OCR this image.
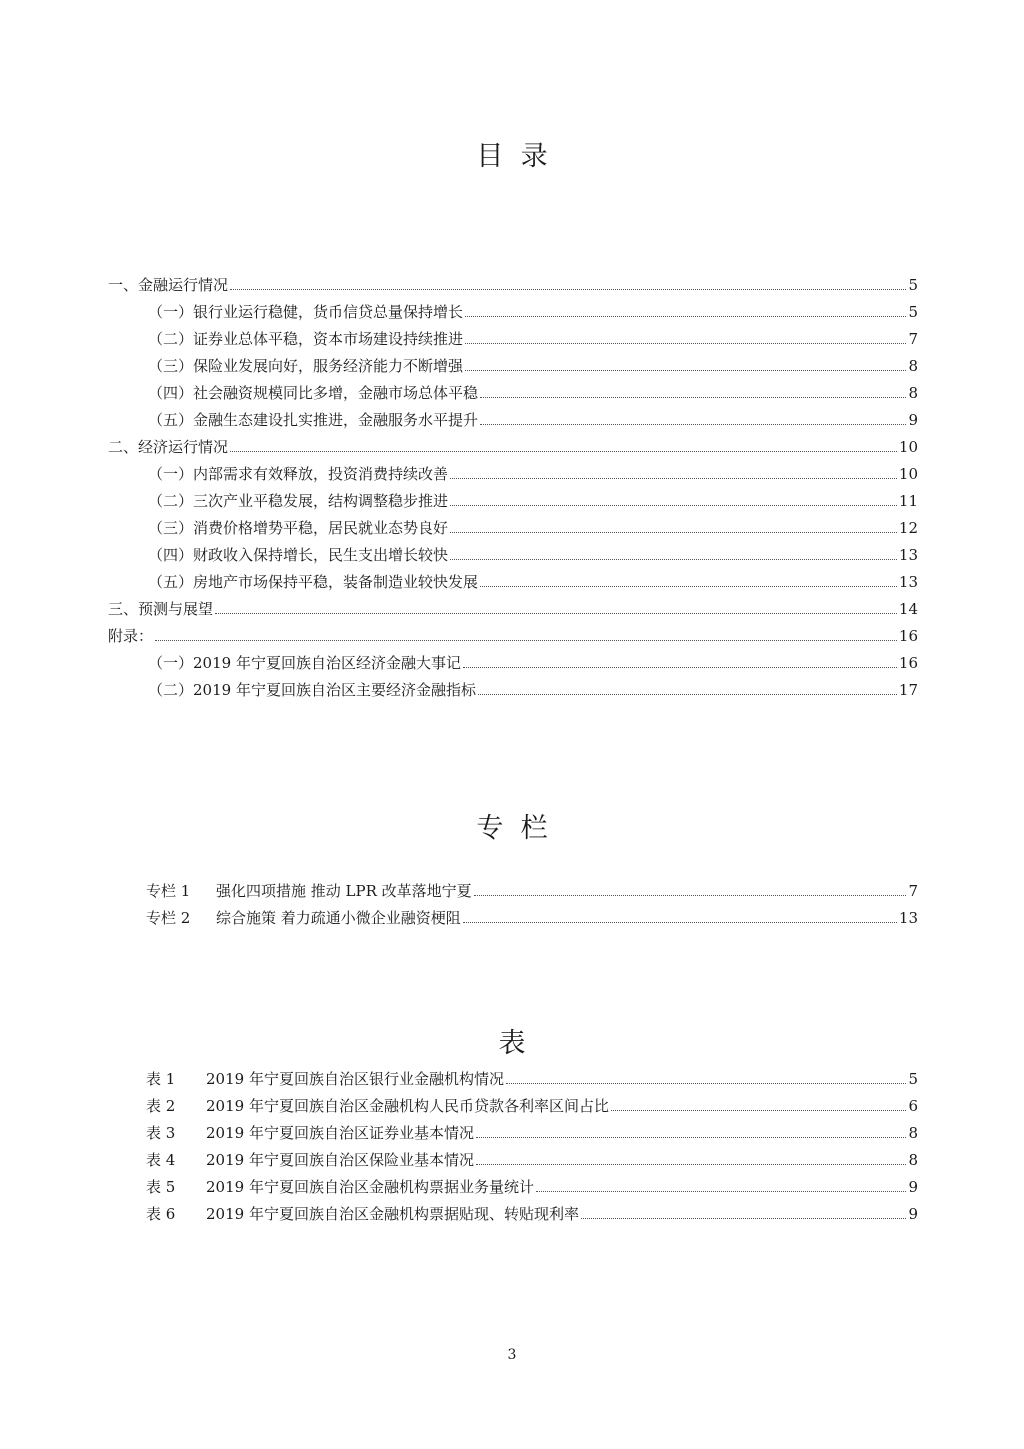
目  录
一、金融运行情况	5
（一）银行业运行稳健，货币信贷总量保持增长	5
（二）证券业总体平稳，资本市场建设持续推进	7
（三）保险业发展向好，服务经济能力不断增强	8
（四）社会融资规模同比多增，金融市场总体平稳	8
（五）金融生态建设扎实推进，金融服务水平提升	9
二、经济运行情况	10
（一）内部需求有效释放，投资消费持续改善	10
（二）三次产业平稳发展，结构调整稳步推进	11
（三）消费价格增势平稳，居民就业态势良好	12
（四）财政收入保持增长，民生支出增长较快	13
（五）房地产市场保持平稳，装备制造业较快发展	13
三、预测与展望	14
附录：	16
（一）2019 年宁夏回族自治区经济金融大事记	16
（二）2019 年宁夏回族自治区主要经济金融指标	17
专  栏
专栏 1 强化四项措施 推动 LPR 改革落地宁夏	7
专栏 2 综合施策 着力疏通小微企业融资梗阻	13
表
表 1 2019 年宁夏回族自治区银行业金融机构情况	5
表 2 2019 年宁夏回族自治区金融机构人民币贷款各利率区间占比	6
表 3 2019 年宁夏回族自治区证券业基本情况	8
表 4 2019 年宁夏回族自治区保险业基本情况	8
表 5 2019 年宁夏回族自治区金融机构票据业务量统计	9
表 6 2019 年宁夏回族自治区金融机构票据贴现、转贴现利率	9
3
